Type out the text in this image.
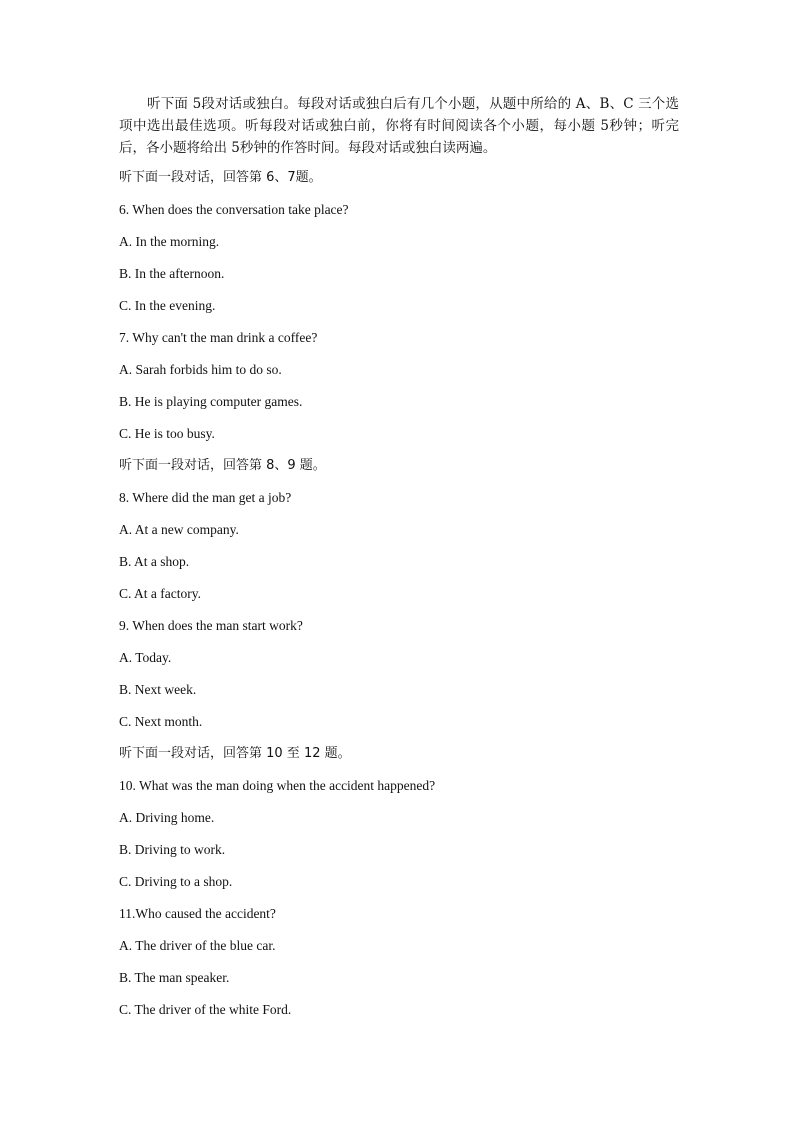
听下面 5段对话或独白。每段对话或独白后有几个小题，从题中所给的 A、B、C 三个选项中选出最佳选项。听每段对话或独白前，你将有时间阅读各个小题，每小题 5秒钟；听完后，各小题将给出 5秒钟的作答时间。每段对话或独白读两遍。

听下面一段对话，回答第 6、7题。
6. When does the conversation take place?
A. In the morning.
B. In the afternoon.
C. In the evening.
7. Why can't the man drink a coffee?
A. Sarah forbids him to do so.
B. He is playing computer games.
C. He is too busy.
听下面一段对话，回答第 8、9 题。
8. Where did the man get a job?
A. At a new company.
B. At a shop.
C. At a factory.
9. When does the man start work?
A. Today.
B. Next week.
C. Next month.
听下面一段对话，回答第 10 至 12 题。
10. What was the man doing when the accident happened?
A. Driving home.
B. Driving to work.
C. Driving to a shop.
11.Who caused the accident?
A. The driver of the blue car.
B. The man speaker.
C. The driver of the white Ford.
